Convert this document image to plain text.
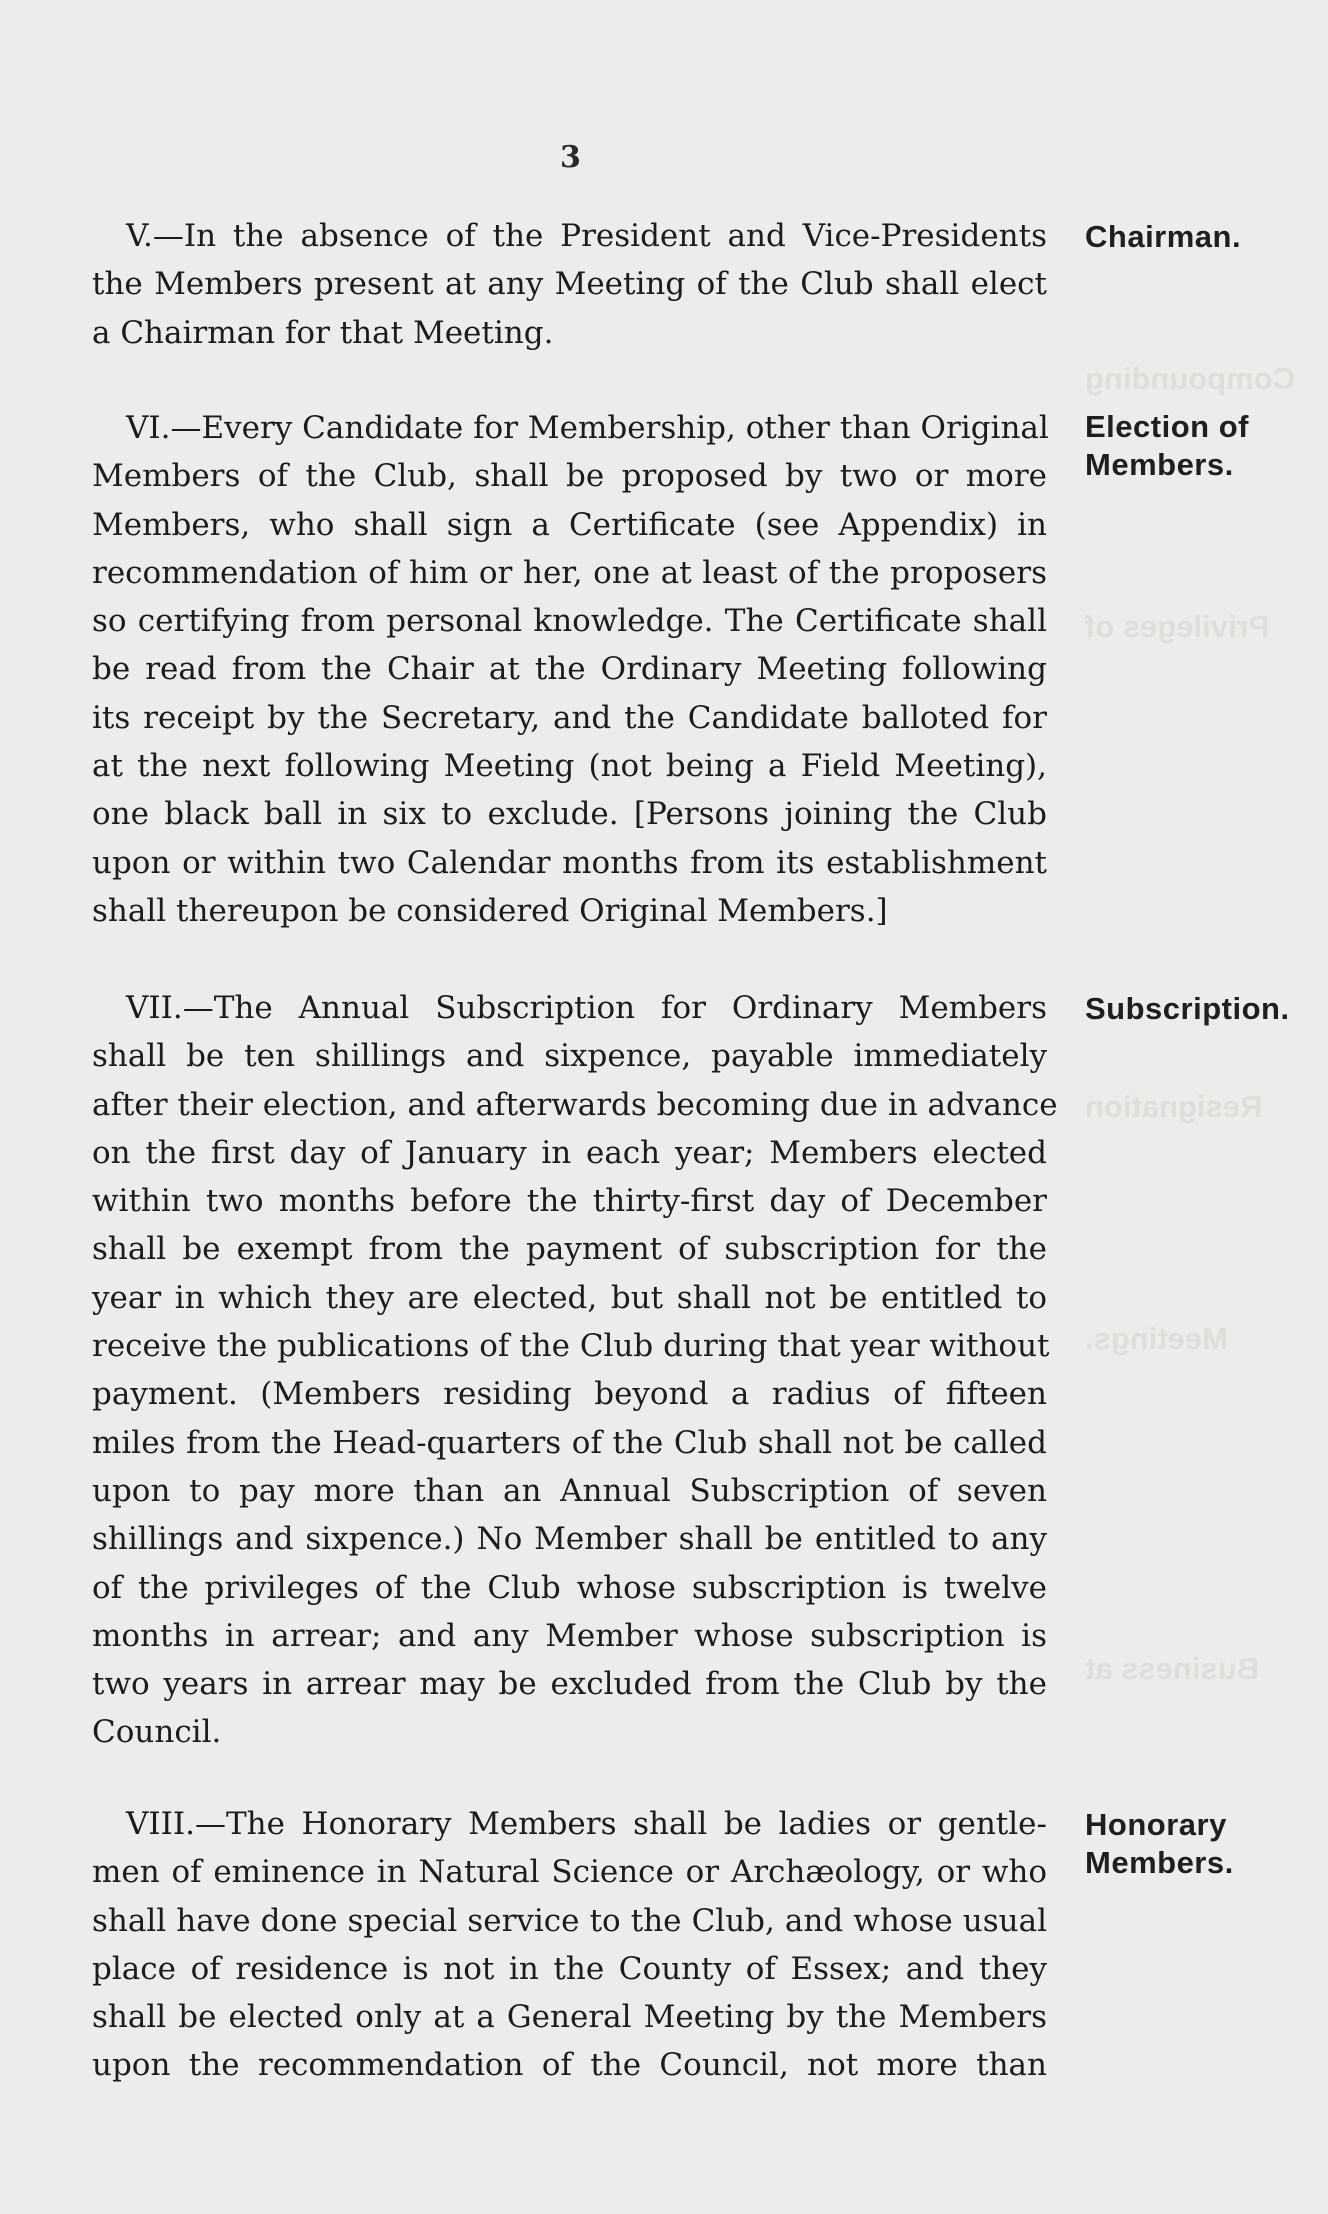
Compounding
Privileges of
Resignation
Meetings.
Business at
3

V.—In the absence of the President and Vice-Presidents
the Members present at any Meeting of the Club shall elect
a Chairman for that Meeting.

Chairman.

VI.—Every Candidate for Membership, other than Original
Members of the Club, shall be proposed by two or more
Members, who shall sign a Certificate (see Appendix) in
recommendation of him or her, one at least of the proposers
so certifying from personal knowledge. The Certificate shall
be read from the Chair at the Ordinary Meeting following
its receipt by the Secretary, and the Candidate balloted for
at the next following Meeting (not being a Field Meeting),
one black ball in six to exclude. [Persons joining the Club
upon or within two Calendar months from its establishment
shall thereupon be considered Original Members.]

Election of
Members.

VII.—The Annual Subscription for Ordinary Members
shall be ten shillings and sixpence, payable immediately
after their election, and afterwards becoming due in advance
on the first day of January in each year; Members elected
within two months before the thirty-first day of December
shall be exempt from the payment of subscription for the
year in which they are elected, but shall not be entitled to
receive the publications of the Club during that year without
payment. (Members residing beyond a radius of fifteen
miles from the Head-quarters of the Club shall not be called
upon to pay more than an Annual Subscription of seven
shillings and sixpence.) No Member shall be entitled to any
of the privileges of the Club whose subscription is twelve
months in arrear; and any Member whose subscription is
two years in arrear may be excluded from the Club by the
Council.

Subscription.

VIII.—The Honorary Members shall be ladies or gentle-
men of eminence in Natural Science or Archæology, or who
shall have done special service to the Club, and whose usual
place of residence is not in the County of Essex; and they
shall be elected only at a General Meeting by the Members
upon the recommendation of the Council, not more than

Honorary
Members.
